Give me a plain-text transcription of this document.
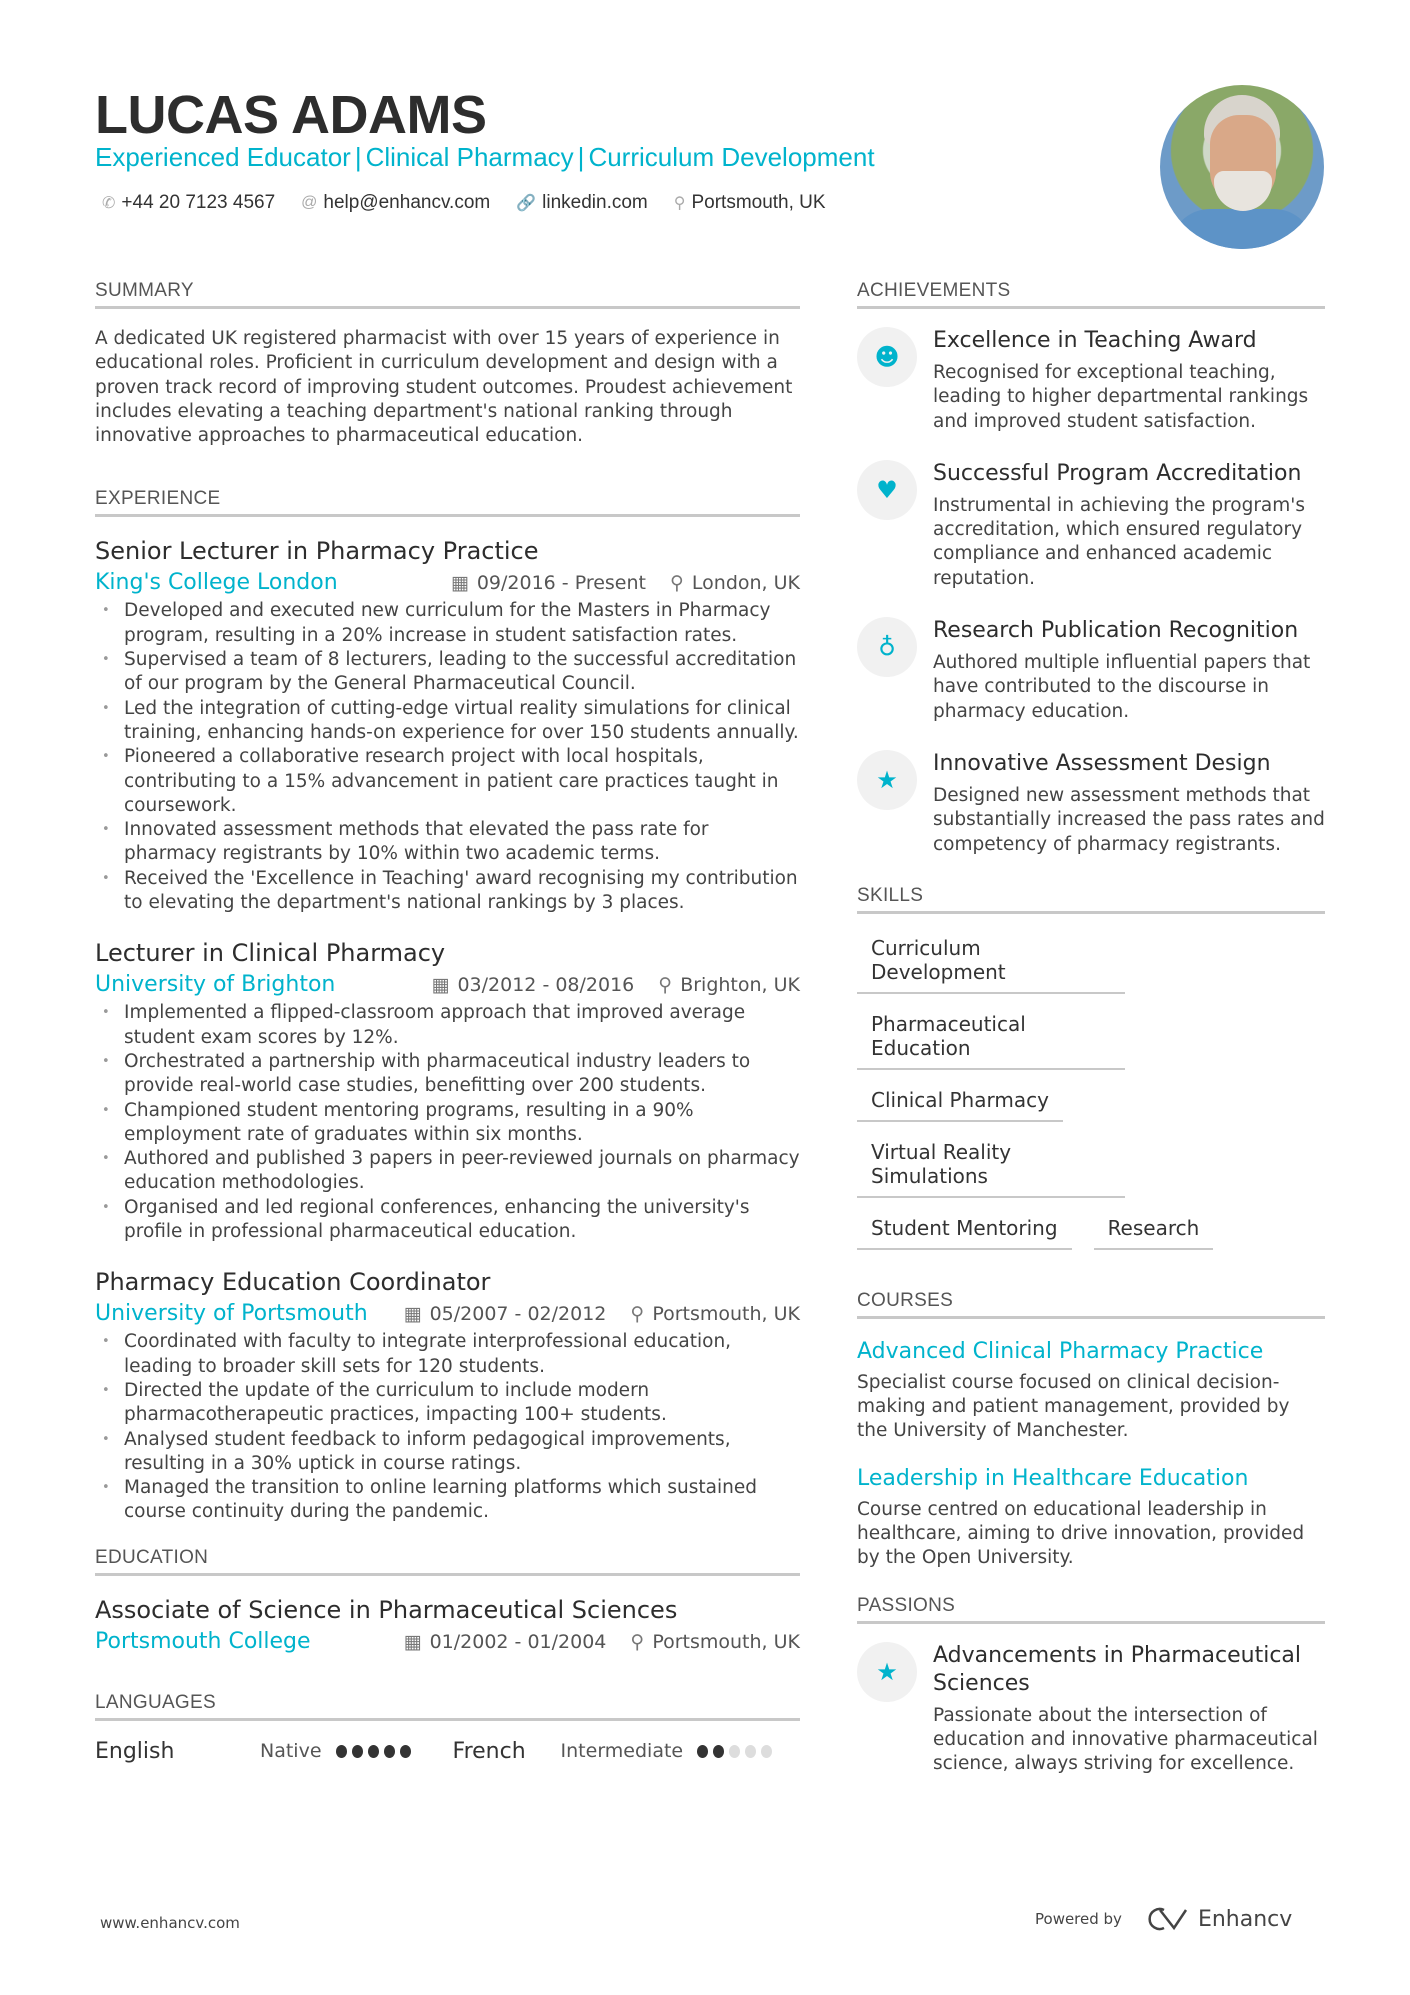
LUCAS ADAMS
Experienced Educator | Clinical Pharmacy | Curriculum Development
✆ +44 20 7123 4567 @ help@enhancv.com 🔗 linkedin.com ⚲ Portsmouth, UK
SUMMARY
A dedicated UK registered pharmacist with over 15 years of experience in educational roles. Proficient in curriculum development and design with a proven track record of improving student outcomes. Proudest achievement includes elevating a teaching department's national ranking through innovative approaches to pharmaceutical education.
EXPERIENCE
Senior Lecturer in Pharmacy Practice
King's College London	▦ 09/2016 - Present ⚲ London, UK
• Developed and executed new curriculum for the Masters in Pharmacy program, resulting in a 20% increase in student satisfaction rates.
• Supervised a team of 8 lecturers, leading to the successful accreditation of our program by the General Pharmaceutical Council.
• Led the integration of cutting-edge virtual reality simulations for clinical training, enhancing hands-on experience for over 150 students annually.
• Pioneered a collaborative research project with local hospitals, contributing to a 15% advancement in patient care practices taught in coursework.
• Innovated assessment methods that elevated the pass rate for pharmacy registrants by 10% within two academic terms.
• Received the 'Excellence in Teaching' award recognising my contribution to elevating the department's national rankings by 3 places.
Lecturer in Clinical Pharmacy
University of Brighton	▦ 03/2012 - 08/2016 ⚲ Brighton, UK
• Implemented a flipped-classroom approach that improved average student exam scores by 12%.
• Orchestrated a partnership with pharmaceutical industry leaders to provide real-world case studies, benefitting over 200 students.
• Championed student mentoring programs, resulting in a 90% employment rate of graduates within six months.
• Authored and published 3 papers in peer-reviewed journals on pharmacy education methodologies.
• Organised and led regional conferences, enhancing the university's profile in professional pharmaceutical education.
Pharmacy Education Coordinator
University of Portsmouth ▦ 05/2007 - 02/2012 ⚲ Portsmouth, UK
• Coordinated with faculty to integrate interprofessional education, leading to broader skill sets for 120 students.
• Directed the update of the curriculum to include modern pharmacotherapeutic practices, impacting 100+ students.
• Analysed student feedback to inform pedagogical improvements, resulting in a 30% uptick in course ratings.
• Managed the transition to online learning platforms which sustained course continuity during the pandemic.
EDUCATION
Associate of Science in Pharmaceutical Sciences
Portsmouth College	▦ 01/2002 - 01/2004 ⚲ Portsmouth, UK
LANGUAGES
English	Native	French	Intermediate
ACHIEVEMENTS
☻
Excellence in Teaching Award
Recognised for exceptional teaching, leading to higher departmental rankings and improved student satisfaction.
♥
Successful Program Accreditation
Instrumental in achieving the program's accreditation, which ensured regulatory compliance and enhanced academic reputation.
♁
Research Publication Recognition
Authored multiple influential papers that have contributed to the discourse in pharmacy education.
★
Innovative Assessment Design
Designed new assessment methods that substantially increased the pass rates and competency of pharmacy registrants.
SKILLS
Curriculum Development
Pharmaceutical Education
Clinical Pharmacy
Virtual Reality Simulations
Student Mentoring	Research
COURSES
Advanced Clinical Pharmacy Practice
Specialist course focused on clinical decision-making and patient management, provided by the University of Manchester.
Leadership in Healthcare Education
Course centred on educational leadership in healthcare, aiming to drive innovation, provided by the Open University.
PASSIONS
★
Advancements in Pharmaceutical Sciences
Passionate about the intersection of education and innovative pharmaceutical science, always striving for excellence.
www.enhancv.com	Powered by	Enhancv
